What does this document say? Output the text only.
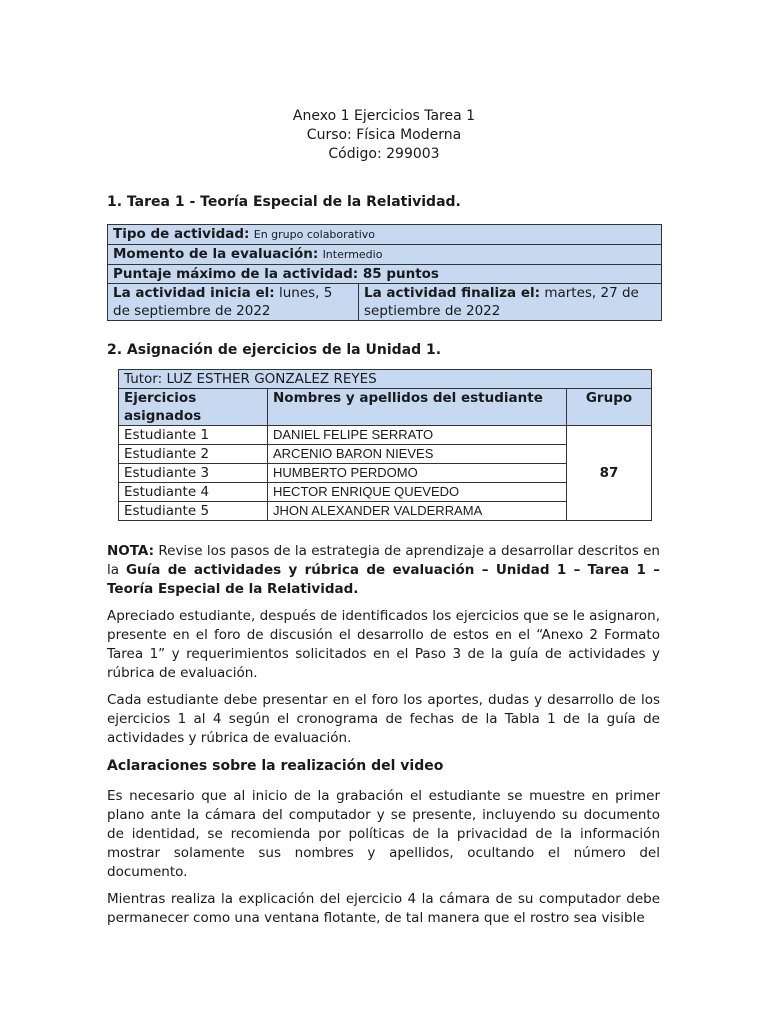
Anexo 1 Ejercicios Tarea 1
Curso: Física Moderna
Código: 299003
1. Tarea 1 - Teoría Especial de la Relatividad.
Tipo de actividad: En grupo colaborativo
Momento de la evaluación: Intermedio
Puntaje máximo de la actividad: 85 puntos
La actividad inicia el: lunes, 5 de septiembre de 2022	La actividad finaliza el: martes, 27 de septiembre de 2022
2. Asignación de ejercicios de la Unidad 1.
Tutor: LUZ ESTHER GONZALEZ REYES		
Ejercicios asignados	Nombres y apellidos del estudiante	Grupo
Estudiante 1	DANIEL FELIPE SERRATO	87
Estudiante 2	ARCENIO BARON NIEVES	
Estudiante 3	HUMBERTO PERDOMO	
Estudiante 4	HECTOR ENRIQUE QUEVEDO	
Estudiante 5	JHON ALEXANDER VALDERRAMA	

NOTA: Revise los pasos de la estrategia de aprendizaje a desarrollar descritos en la Guía de actividades y rúbrica de evaluación – Unidad 1 – Tarea 1 – Teoría Especial de la Relatividad.

Apreciado estudiante, después de identificados los ejercicios que se le asignaron, presente en el foro de discusión el desarrollo de estos en el “Anexo 2 Formato Tarea 1” y requerimientos solicitados en el Paso 3 de la guía de actividades y rúbrica de evaluación.

Cada estudiante debe presentar en el foro los aportes, dudas y desarrollo de los ejercicios 1 al 4 según el cronograma de fechas de la Tabla 1 de la guía de actividades y rúbrica de evaluación.

Aclaraciones sobre la realización del video

Es necesario que al inicio de la grabación el estudiante se muestre en primer plano ante la cámara del computador y se presente, incluyendo su documento de identidad, se recomienda por políticas de la privacidad de la información mostrar solamente sus nombres y apellidos, ocultando el número del documento.

Mientras realiza la explicación del ejercicio 4 la cámara de su computador debe permanecer como una ventana flotante, de tal manera que el rostro sea visible
